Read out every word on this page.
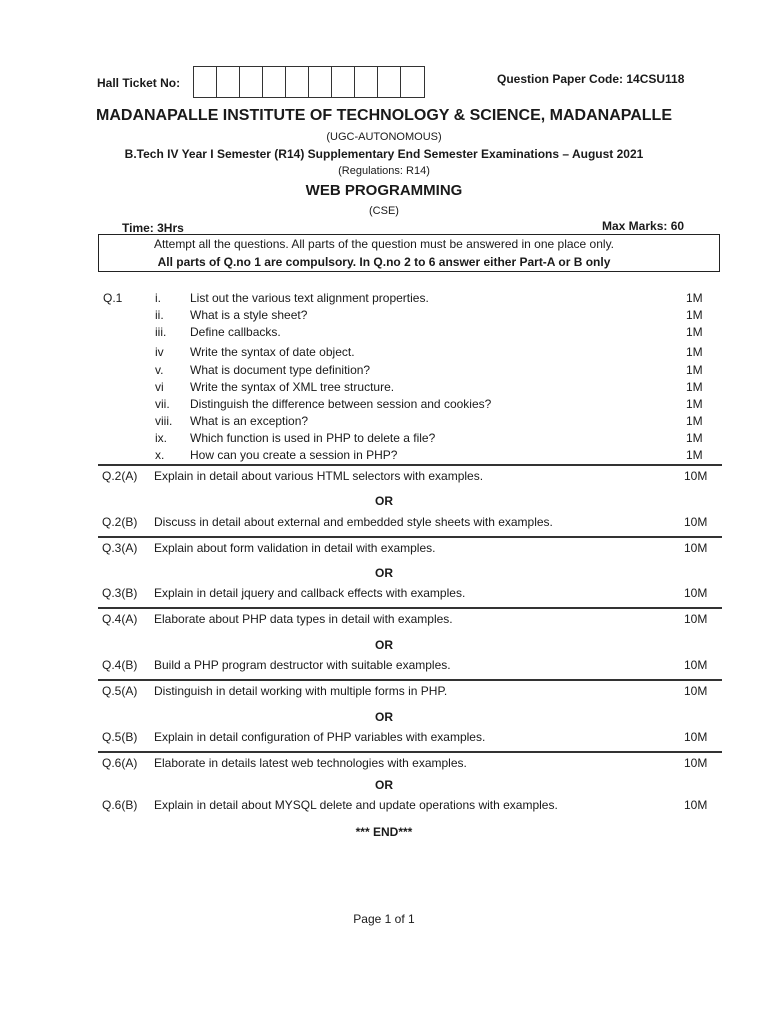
Hall Ticket No:	Question Paper Code: 14CSU118
MADANAPALLE INSTITUTE OF TECHNOLOGY & SCIENCE, MADANAPALLE
(UGC-AUTONOMOUS)
B.Tech IV Year I Semester (R14) Supplementary End Semester Examinations – August 2021
(Regulations: R14)
WEB PROGRAMMING
(CSE)
Time: 3Hrs	Max Marks: 60
Attempt all the questions. All parts of the question must be answered in one place only.
All parts of Q.no 1 are compulsory. In Q.no 2 to 6 answer either Part-A or B only
Q.1	i. List out the various text alignment properties.	1M
ii. What is a style sheet?	1M
iii. Define callbacks.	1M
iv Write the syntax of date object.	1M
v. What is document type definition?	1M
vi Write the syntax of XML tree structure.	1M
vii. Distinguish the difference between session and cookies?	1M
viii. What is an exception?	1M
ix. Which function is used in PHP to delete a file?	1M
x. How can you create a session in PHP?	1M
Q.2(A) Explain in detail about various HTML selectors with examples.	10M
OR
Q.2(B) Discuss in detail about external and embedded style sheets with examples.	10M
Q.3(A) Explain about form validation in detail with examples.	10M
OR
Q.3(B) Explain in detail jquery and callback effects with examples.	10M
Q.4(A) Elaborate about PHP data types in detail with examples.	10M
OR
Q.4(B) Build a PHP program destructor with suitable examples.	10M
Q.5(A) Distinguish in detail working with multiple forms in PHP.	10M
OR
Q.5(B) Explain in detail configuration of PHP variables with examples.	10M
Q.6(A) Elaborate in details latest web technologies with examples.	10M
OR
Q.6(B) Explain in detail about MYSQL delete and update operations with examples.	10M
*** END***
Page 1 of 1
